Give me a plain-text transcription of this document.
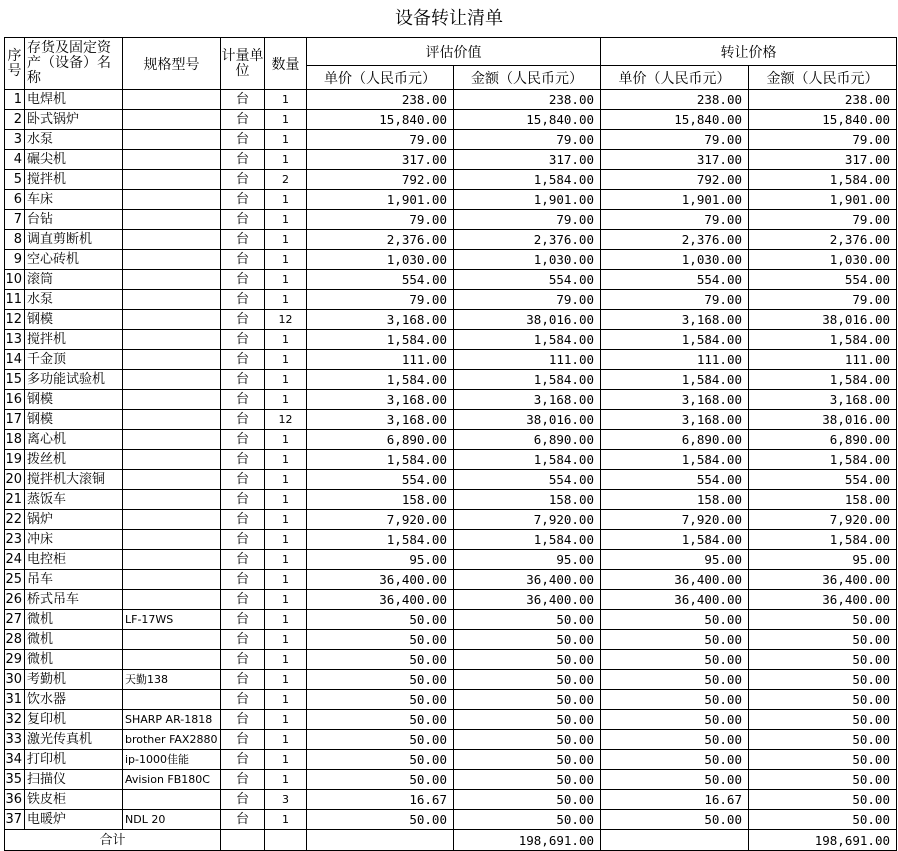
设备转让清单
序号	存货及固定资产（设备）名称	规格型号	计量单位	数量	评估价值		转让价格	
					单价（人民币元）	金额（人民币元）	单价（人民币元）	金额（人民币元）
1	电焊机		台	1	238.00	238.00	238.00	238.00
2	卧式锅炉		台	1	15,840.00	15,840.00	15,840.00	15,840.00
3	水泵		台	1	79.00	79.00	79.00	79.00
4	碾尖机		台	1	317.00	317.00	317.00	317.00
5	搅拌机		台	2	792.00	1,584.00	792.00	1,584.00
6	车床		台	1	1,901.00	1,901.00	1,901.00	1,901.00
7	台钻		台	1	79.00	79.00	79.00	79.00
8	调直剪断机		台	1	2,376.00	2,376.00	2,376.00	2,376.00
9	空心砖机		台	1	1,030.00	1,030.00	1,030.00	1,030.00
10	滚筒		台	1	554.00	554.00	554.00	554.00
11	水泵		台	1	79.00	79.00	79.00	79.00
12	钢模		台	12	3,168.00	38,016.00	3,168.00	38,016.00
13	搅拌机		台	1	1,584.00	1,584.00	1,584.00	1,584.00
14	千金顶		台	1	111.00	111.00	111.00	111.00
15	多功能试验机		台	1	1,584.00	1,584.00	1,584.00	1,584.00
16	钢模		台	1	3,168.00	3,168.00	3,168.00	3,168.00
17	钢模		台	12	3,168.00	38,016.00	3,168.00	38,016.00
18	离心机		台	1	6,890.00	6,890.00	6,890.00	6,890.00
19	拨丝机		台	1	1,584.00	1,584.00	1,584.00	1,584.00
20	搅拌机大滚铜		台	1	554.00	554.00	554.00	554.00
21	蒸饭车		台	1	158.00	158.00	158.00	158.00
22	锅炉		台	1	7,920.00	7,920.00	7,920.00	7,920.00
23	冲床		台	1	1,584.00	1,584.00	1,584.00	1,584.00
24	电控柜		台	1	95.00	95.00	95.00	95.00
25	吊车		台	1	36,400.00	36,400.00	36,400.00	36,400.00
26	桥式吊车		台	1	36,400.00	36,400.00	36,400.00	36,400.00
27	微机	LF-17WS	台	1	50.00	50.00	50.00	50.00
28	微机		台	1	50.00	50.00	50.00	50.00
29	微机		台	1	50.00	50.00	50.00	50.00
30	考勤机	天勤138	台	1	50.00	50.00	50.00	50.00
31	饮水器		台	1	50.00	50.00	50.00	50.00
32	复印机	SHARP AR-1818	台	1	50.00	50.00	50.00	50.00
33	激光传真机	brother FAX2880	台	1	50.00	50.00	50.00	50.00
34	打印机	ip-1000佳能	台	1	50.00	50.00	50.00	50.00
35	扫描仪	Avision FB180C	台	1	50.00	50.00	50.00	50.00
36	铁皮柜		台	3	16.67	50.00	16.67	50.00
37	电暖炉	NDL 20	台	1	50.00	50.00	50.00	50.00
合计						198,691.00		198,691.00
